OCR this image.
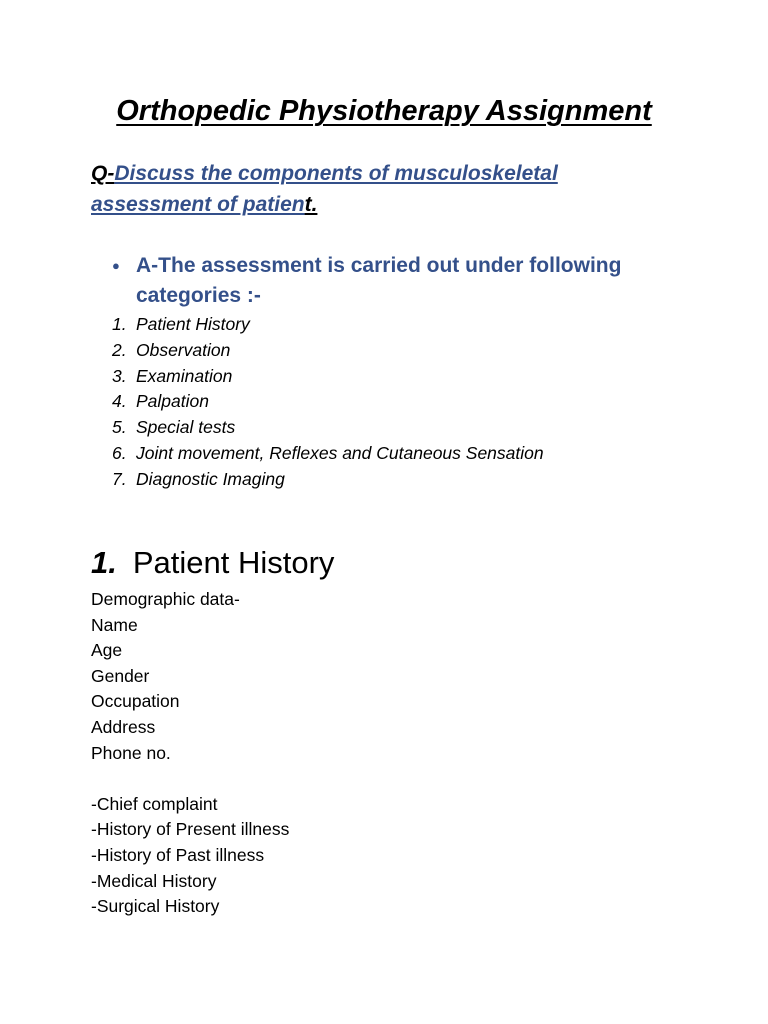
Orthopedic Physiotherapy Assignment

Q-Discuss the components of musculoskeletal assessment of patient.

● A-The assessment is carried out under following categories :-
1. Patient History
2. Observation
3. Examination
4. Palpation
5. Special tests
6. Joint movement, Reflexes and Cutaneous Sensation
7. Diagnostic Imaging
1. Patient History
Demographic data-
Name
Age
Gender
Occupation
Address
Phone no.
-Chief complaint
-History of Present illness
-History of Past illness
-Medical History
-Surgical History
